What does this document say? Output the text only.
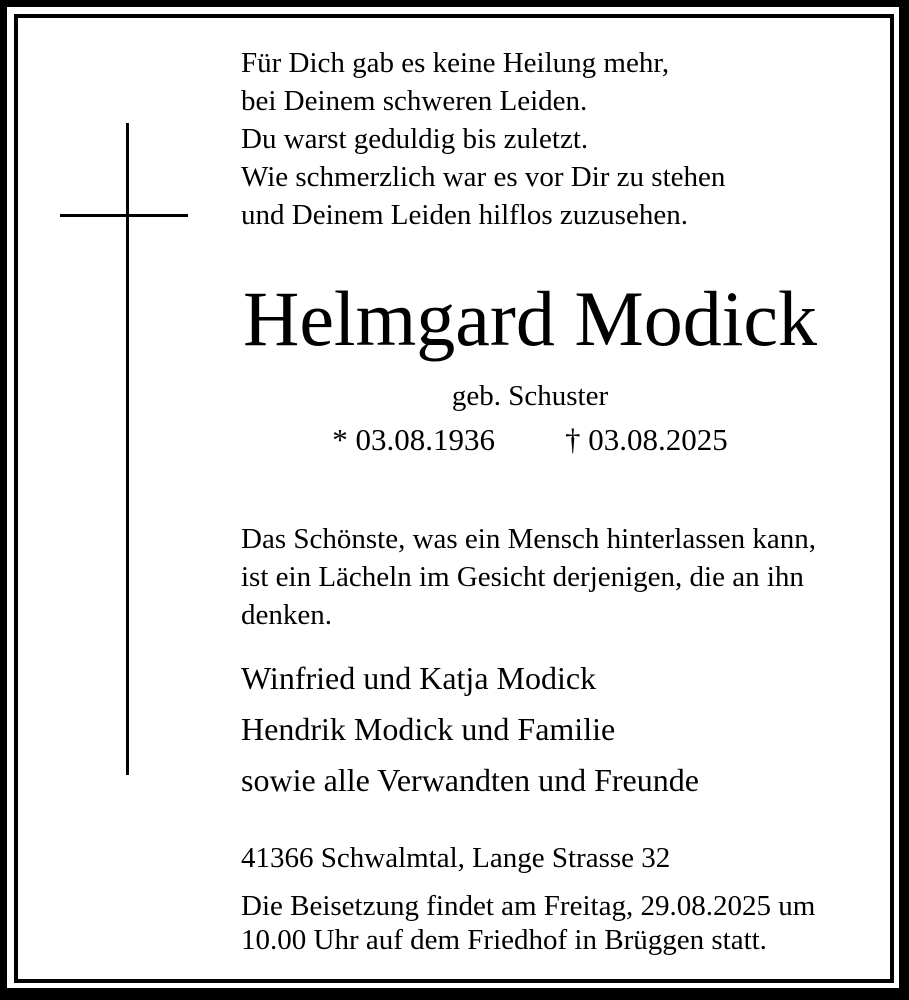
Für Dich gab es keine Heilung mehr,
bei Deinem schweren Leiden.
Du warst geduldig bis zuletzt.
Wie schmerzlich war es vor Dir zu stehen
und Deinem Leiden hilflos zuzusehen.
Helmgard Modick
geb. Schuster
* 03.08.1936 † 03.08.2025
Das Schönste, was ein Mensch hinterlassen kann,
ist ein Lächeln im Gesicht derjenigen, die an ihn
denken.
Winfried und Katja Modick
Hendrik Modick und Familie
sowie alle Verwandten und Freunde
41366 Schwalmtal, Lange Strasse 32
Die Beisetzung findet am Freitag, 29.08.2025 um
10.00 Uhr auf dem Friedhof in Brüggen statt.
